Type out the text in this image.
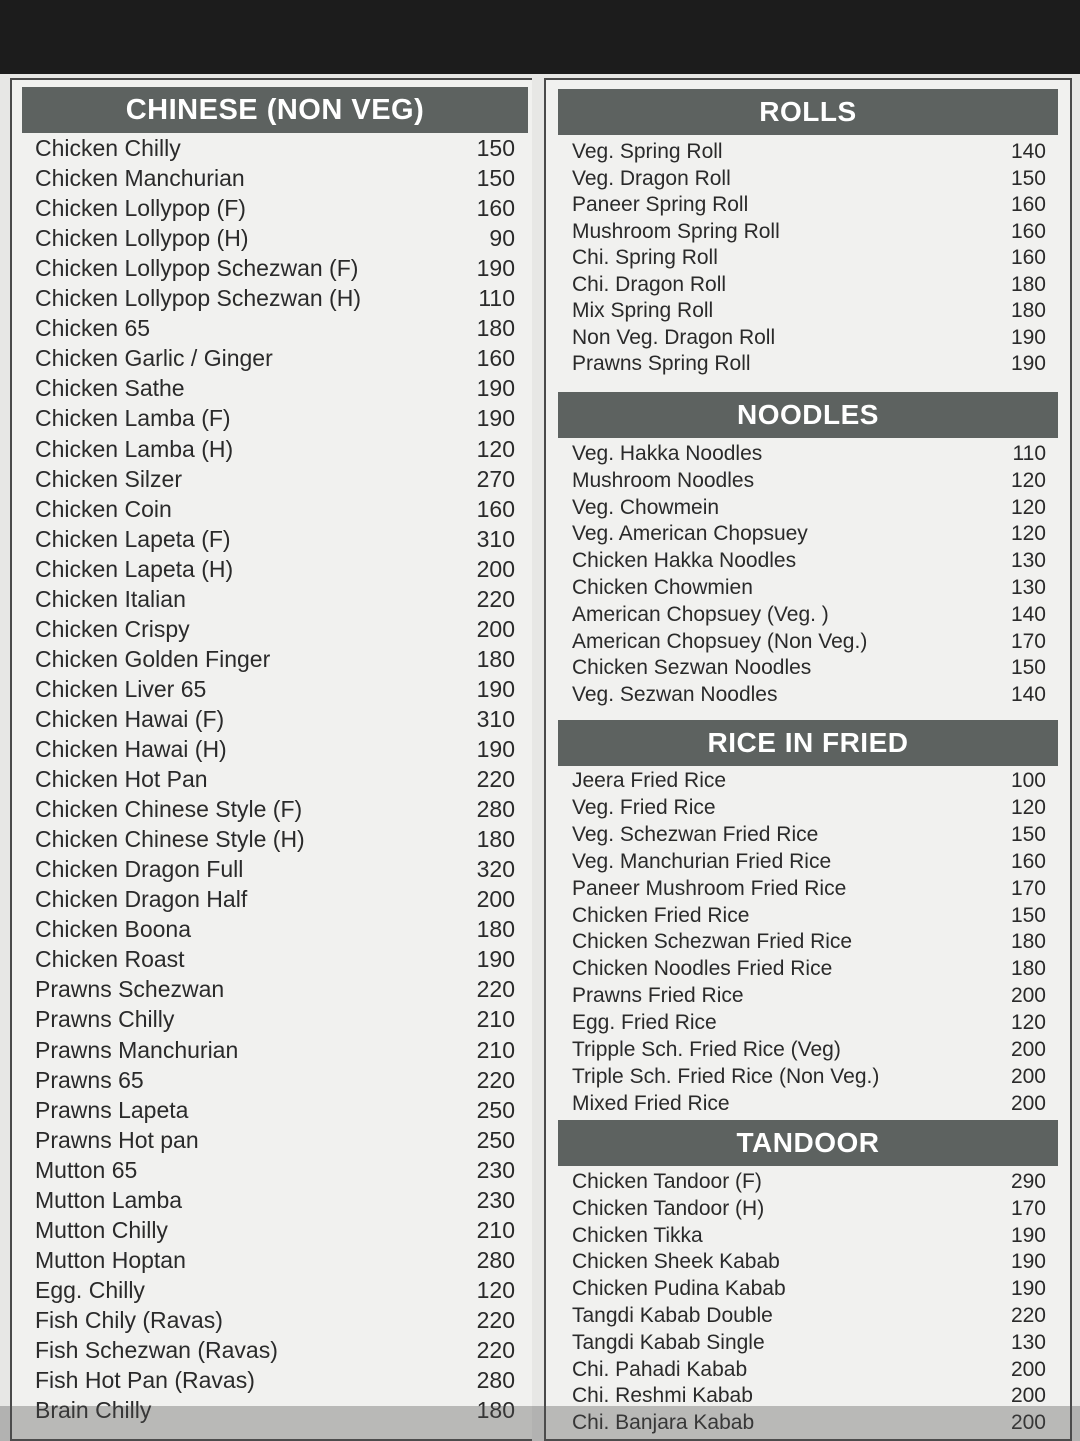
CHINESE (NON VEG)
Chicken Chilly	150
Chicken Manchurian	150
Chicken Lollypop (F)	160
Chicken Lollypop (H)	90
Chicken Lollypop Schezwan (F)	190
Chicken Lollypop Schezwan (H)	110
Chicken 65	180
Chicken Garlic / Ginger	160
Chicken Sathe	190
Chicken Lamba (F)	190
Chicken Lamba (H)	120
Chicken Silzer	270
Chicken Coin	160
Chicken Lapeta (F)	310
Chicken Lapeta (H)	200
Chicken Italian	220
Chicken Crispy	200
Chicken Golden Finger	180
Chicken Liver 65	190
Chicken Hawai (F)	310
Chicken Hawai (H)	190
Chicken Hot Pan	220
Chicken Chinese Style (F)	280
Chicken Chinese Style (H)	180
Chicken Dragon Full	320
Chicken Dragon Half	200
Chicken Boona	180
Chicken Roast	190
Prawns Schezwan	220
Prawns Chilly	210
Prawns Manchurian	210
Prawns 65	220
Prawns Lapeta	250
Prawns Hot pan	250
Mutton 65	230
Mutton Lamba	230
Mutton Chilly	210
Mutton Hoptan	280
Egg. Chilly	120
Fish Chily (Ravas)	220
Fish Schezwan (Ravas)	220
Fish Hot Pan (Ravas)	280
Brain Chilly	180
ROLLS
Veg. Spring Roll	140
Veg. Dragon Roll	150
Paneer Spring Roll	160
Mushroom Spring Roll	160
Chi. Spring Roll	160
Chi. Dragon Roll	180
Mix Spring Roll	180
Non Veg. Dragon Roll	190
Prawns Spring Roll	190
NOODLES
Veg. Hakka Noodles	110
Mushroom Noodles	120
Veg. Chowmein	120
Veg. American Chopsuey	120
Chicken Hakka Noodles	130
Chicken Chowmien	130
American Chopsuey (Veg. )	140
American Chopsuey (Non Veg.)	170
Chicken Sezwan Noodles	150
Veg. Sezwan Noodles	140
RICE IN FRIED
Jeera Fried Rice	100
Veg. Fried Rice	120
Veg. Schezwan Fried Rice	150
Veg. Manchurian Fried Rice	160
Paneer Mushroom Fried Rice	170
Chicken Fried Rice	150
Chicken Schezwan Fried Rice	180
Chicken Noodles Fried Rice	180
Prawns Fried Rice	200
Egg. Fried Rice	120
Tripple Sch. Fried Rice (Veg)	200
Triple Sch. Fried Rice (Non Veg.)	200
Mixed Fried Rice	200
TANDOOR
Chicken Tandoor (F)	290
Chicken Tandoor (H)	170
Chicken Tikka	190
Chicken Sheek Kabab	190
Chicken Pudina Kabab	190
Tangdi Kabab Double	220
Tangdi Kabab Single	130
Chi. Pahadi Kabab	200
Chi. Reshmi Kabab	200
Chi. Banjara Kabab	200
